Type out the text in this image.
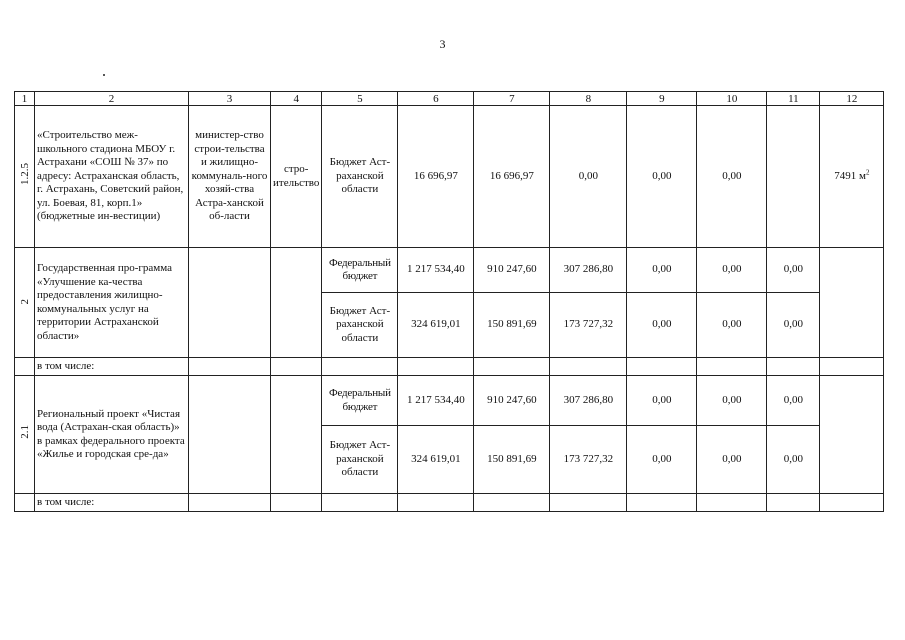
3
1	2	3	4	5	6	7	8	9	10	11	12
1.2.5	«Строительство меж-школьного стадиона МБОУ г. Астрахани «СОШ № 37» по адресу: Астраханская область, г. Астрахань, Советский район, ул. Боевая, 81, корп.1» (бюджетные ин-вестиции)	министер-ство строи-тельства и жилищно-коммуналь-ного хозяй-ства Астра-ханской об-ласти	стро-ительство	Бюджет Аст-раханской области	16 696,97	16 696,97	0,00	0,00	0,00		7491 $м^2$
2	Государственная про-грамма «Улучшение ка-чества предоставления жилищно-коммунальных услуг на территории Астраханской области»			Федеральный бюджет	1 217 534,40	910 247,60	307 286,80	0,00	0,00	0,00	
				Бюджет Аст-раханской области	324 619,01	150 891,69	173 727,32	0,00	0,00	0,00	
	в том числе:										
2.1	Региональный проект «Чистая вода (Астрахан-ская область)» в рамках федерального проекта «Жилье и городская сре-да»			Федеральный бюджет	1 217 534,40	910 247,60	307 286,80	0,00	0,00	0,00	
				Бюджет Аст-раханской области	324 619,01	150 891,69	173 727,32	0,00	0,00	0,00	
	в том числе:										
